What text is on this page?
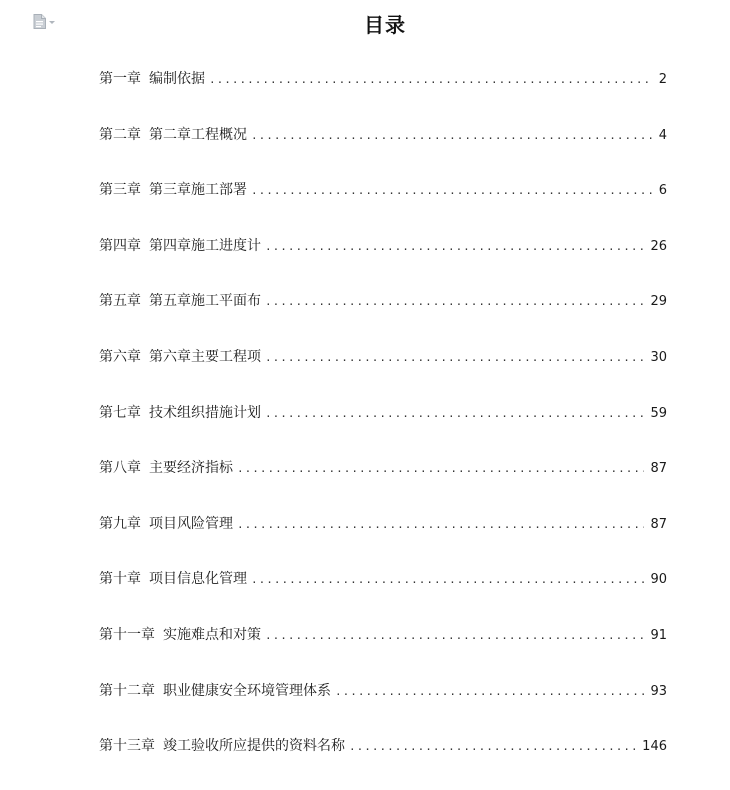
目录
第一章 编制依据 .....	2
第二章 第二章工程概况 .....	4
第三章 第三章施工部署 .....	6
第四章 第四章施工进度计 .....	26
第五章 第五章施工平面布 .....	29
第六章 第六章主要工程项 .....	30
第七章 技术组织措施计划 .....	59
第八章 主要经济指标 .....	87
第九章 项目风险管理 .....	87
第十章 项目信息化管理 .....	90
第十一章 实施难点和对策 .....	91
第十二章 职业健康安全环境管理体系 .....	93
第十三章 竣工验收所应提供的资料名称 .....	146
